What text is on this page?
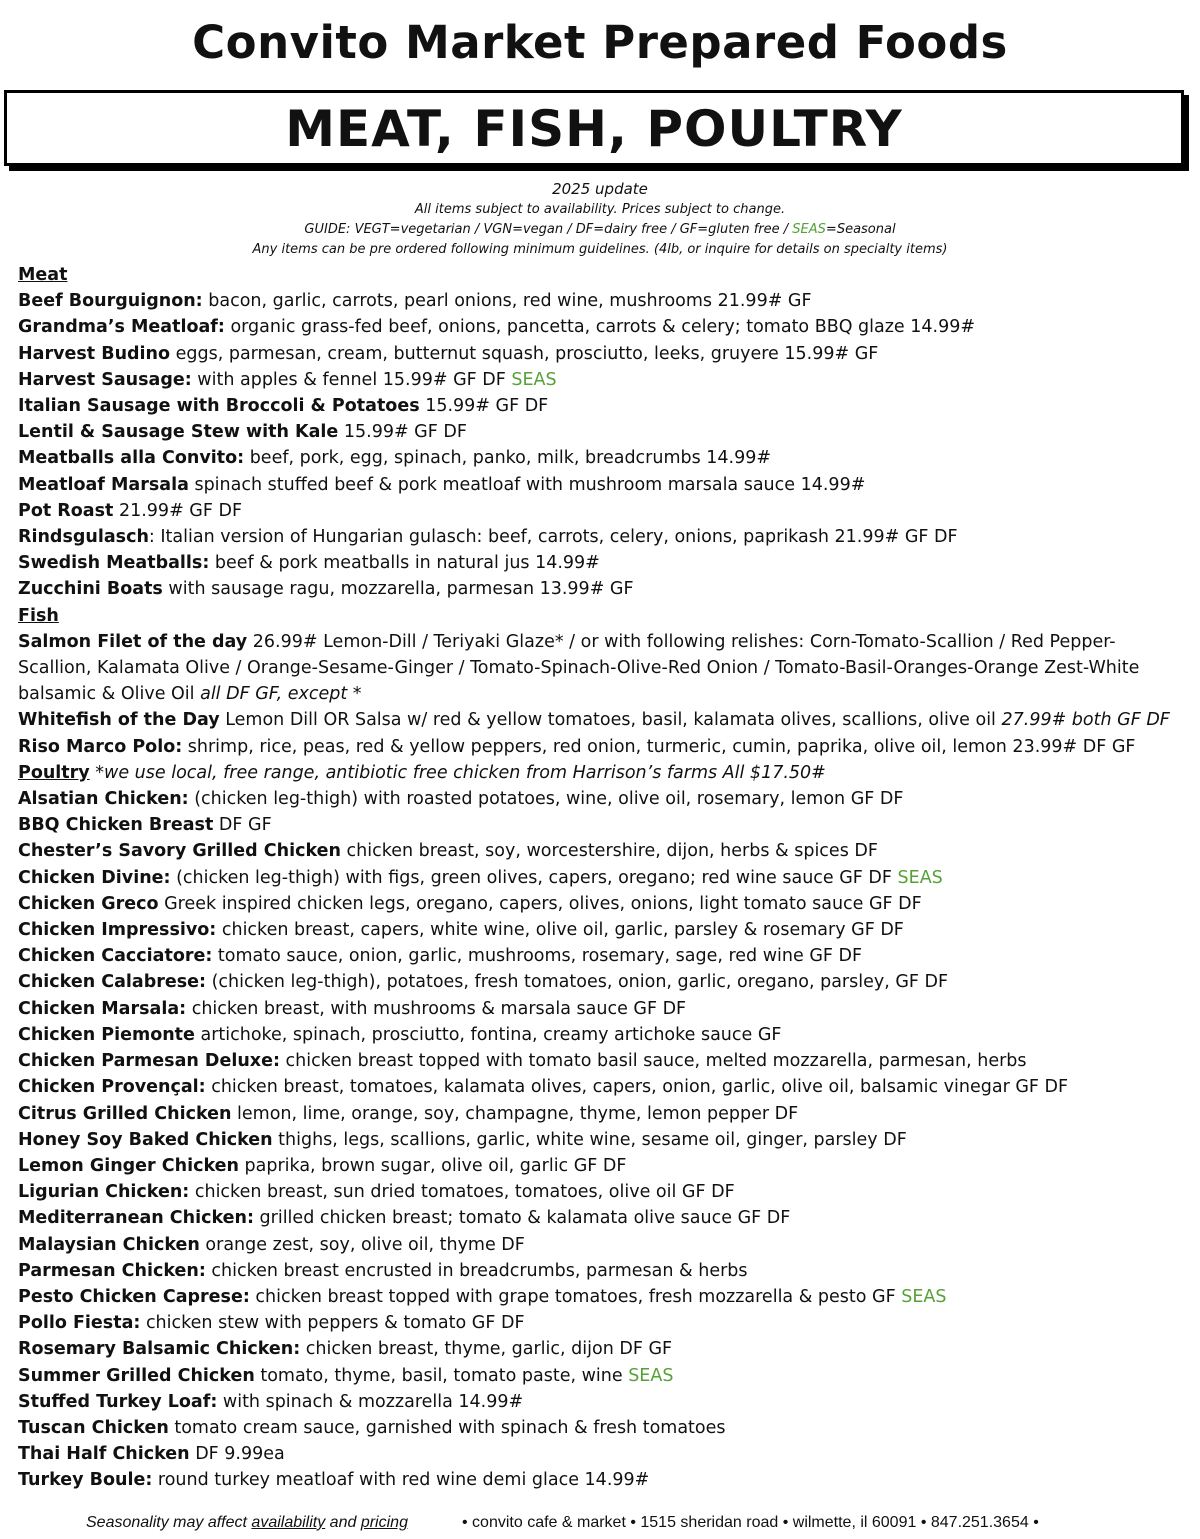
Convito Market Prepared Foods
MEAT, FISH, POULTRY
2025 update
All items subject to availability. Prices subject to change.
GUIDE: VEGT=vegetarian / VGN=vegan / DF=dairy free / GF=gluten free / SEAS=Seasonal
Any items can be pre ordered following minimum guidelines. (4lb, or inquire for details on specialty items)
Meat
Beef Bourguignon: bacon, garlic, carrots, pearl onions, red wine, mushrooms 21.99# GF
Grandma’s Meatloaf: organic grass-fed beef, onions, pancetta, carrots & celery; tomato BBQ glaze 14.99#
Harvest Budino eggs, parmesan, cream, butternut squash, prosciutto, leeks, gruyere 15.99# GF
Harvest Sausage: with apples & fennel 15.99# GF DF SEAS
Italian Sausage with Broccoli & Potatoes 15.99# GF DF
Lentil & Sausage Stew with Kale 15.99# GF DF
Meatballs alla Convito: beef, pork, egg, spinach, panko, milk, breadcrumbs 14.99#
Meatloaf Marsala spinach stuffed beef & pork meatloaf with mushroom marsala sauce 14.99#
Pot Roast 21.99# GF DF
Rindsgulasch: Italian version of Hungarian gulasch: beef, carrots, celery, onions, paprikash 21.99# GF DF
Swedish Meatballs: beef & pork meatballs in natural jus 14.99#
Zucchini Boats with sausage ragu, mozzarella, parmesan 13.99# GF
Fish
Salmon Filet of the day 26.99# Lemon-Dill / Teriyaki Glaze* / or with following relishes: Corn-Tomato-Scallion / Red Pepper-Scallion, Kalamata Olive / Orange-Sesame-Ginger / Tomato-Spinach-Olive-Red Onion / Tomato-Basil-Oranges-Orange Zest-White balsamic & Olive Oil all DF GF, except *
Whitefish of the Day Lemon Dill OR Salsa w/ red & yellow tomatoes, basil, kalamata olives, scallions, olive oil 27.99# both GF DF
Riso Marco Polo: shrimp, rice, peas, red & yellow peppers, red onion, turmeric, cumin, paprika, olive oil, lemon 23.99# DF GF
Poultry *we use local, free range, antibiotic free chicken from Harrison’s farms All $17.50#
Alsatian Chicken: (chicken leg-thigh) with roasted potatoes, wine, olive oil, rosemary, lemon GF DF
BBQ Chicken Breast DF GF
Chester’s Savory Grilled Chicken chicken breast, soy, worcestershire, dijon, herbs & spices DF
Chicken Divine: (chicken leg-thigh) with figs, green olives, capers, oregano; red wine sauce GF DF SEAS
Chicken Greco Greek inspired chicken legs, oregano, capers, olives, onions, light tomato sauce GF DF
Chicken Impressivo: chicken breast, capers, white wine, olive oil, garlic, parsley & rosemary GF DF
Chicken Cacciatore: tomato sauce, onion, garlic, mushrooms, rosemary, sage, red wine GF DF
Chicken Calabrese: (chicken leg-thigh), potatoes, fresh tomatoes, onion, garlic, oregano, parsley, GF DF
Chicken Marsala: chicken breast, with mushrooms & marsala sauce GF DF
Chicken Piemonte artichoke, spinach, prosciutto, fontina, creamy artichoke sauce GF
Chicken Parmesan Deluxe: chicken breast topped with tomato basil sauce, melted mozzarella, parmesan, herbs
Chicken Provençal: chicken breast, tomatoes, kalamata olives, capers, onion, garlic, olive oil, balsamic vinegar GF DF
Citrus Grilled Chicken lemon, lime, orange, soy, champagne, thyme, lemon pepper DF
Honey Soy Baked Chicken thighs, legs, scallions, garlic, white wine, sesame oil, ginger, parsley DF
Lemon Ginger Chicken paprika, brown sugar, olive oil, garlic GF DF
Ligurian Chicken: chicken breast, sun dried tomatoes, tomatoes, olive oil GF DF
Mediterranean Chicken: grilled chicken breast; tomato & kalamata olive sauce GF DF
Malaysian Chicken orange zest, soy, olive oil, thyme DF
Parmesan Chicken: chicken breast encrusted in breadcrumbs, parmesan & herbs
Pesto Chicken Caprese: chicken breast topped with grape tomatoes, fresh mozzarella & pesto GF SEAS
Pollo Fiesta: chicken stew with peppers & tomato GF DF
Rosemary Balsamic Chicken: chicken breast, thyme, garlic, dijon DF GF
Summer Grilled Chicken tomato, thyme, basil, tomato paste, wine SEAS
Stuffed Turkey Loaf: with spinach & mozzarella 14.99#
Tuscan Chicken tomato cream sauce, garnished with spinach & fresh tomatoes
Thai Half Chicken DF 9.99ea
Turkey Boule: round turkey meatloaf with red wine demi glace 14.99#
Seasonality may affect availability and pricing	• convito cafe & market • 1515 sheridan road • wilmette, il 60091 • 847.251.3654 •
